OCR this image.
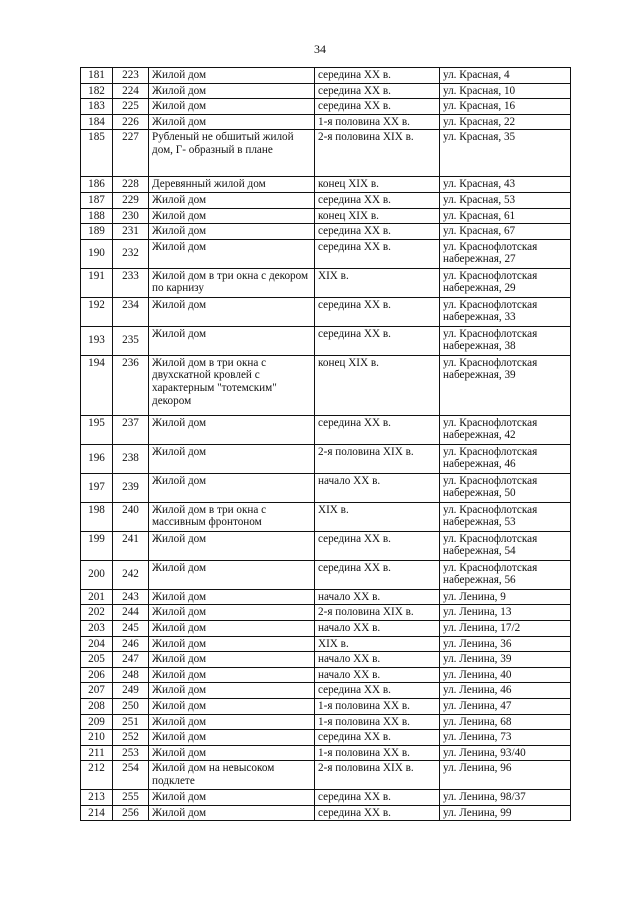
34
181	223	Жилой дом	середина XX в.	ул. Красная, 4
182	224	Жилой дом	середина XX в.	ул. Красная, 10
183	225	Жилой дом	середина XX в.	ул. Красная, 16
184	226	Жилой дом	1-я половина XX в.	ул. Красная, 22
185	227	Рубленый не обшитый жилой дом, Г- образный в плане	2-я половина XIX в.	ул. Красная, 35
186	228	Деревянный жилой дом	конец XIX в.	ул. Красная, 43
187	229	Жилой дом	середина XX в.	ул. Красная, 53
188	230	Жилой дом	конец XIX в.	ул. Красная, 61
189	231	Жилой дом	середина XX в.	ул. Красная, 67
190	232	Жилой дом	середина XX в.	ул. Краснофлотская набережная, 27
191	233	Жилой дом в три окна с декором по карнизу	XIX в.	ул. Краснофлотская набережная, 29
192	234	Жилой дом	середина XX в.	ул. Краснофлотская набережная, 33
193	235	Жилой дом	середина XX в.	ул. Краснофлотская набережная, 38
194	236	Жилой дом в три окна с двухскатной кровлей с характерным "тотемским" декором	конец XIX в.	ул. Краснофлотская набережная, 39
195	237	Жилой дом	середина XX в.	ул. Краснофлотская набережная, 42
196	238	Жилой дом	2-я половина XIX в.	ул. Краснофлотская набережная, 46
197	239	Жилой дом	начало XX в.	ул. Краснофлотская набережная, 50
198	240	Жилой дом в три окна с массивным фронтоном	XIX в.	ул. Краснофлотская набережная, 53
199	241	Жилой дом	середина XX в.	ул. Краснофлотская набережная, 54
200	242	Жилой дом	середина XX в.	ул. Краснофлотская набережная, 56
201	243	Жилой дом	начало XX в.	ул. Ленина, 9
202	244	Жилой дом	2-я половина XIX в.	ул. Ленина, 13
203	245	Жилой дом	начало XX в.	ул. Ленина, 17/2
204	246	Жилой дом	XIX в.	ул. Ленина, 36
205	247	Жилой дом	начало XX в.	ул. Ленина, 39
206	248	Жилой дом	начало XX в.	ул. Ленина, 40
207	249	Жилой дом	середина XX в.	ул. Ленина, 46
208	250	Жилой дом	1-я половина XX в.	ул. Ленина, 47
209	251	Жилой дом	1-я половина XX в.	ул. Ленина, 68
210	252	Жилой дом	середина XX в.	ул. Ленина, 73
211	253	Жилой дом	1-я половина XX в.	ул. Ленина, 93/40
212	254	Жилой дом на невысоком подклете	2-я половина XIX в.	ул. Ленина, 96
213	255	Жилой дом	середина XX в.	ул. Ленина, 98/37
214	256	Жилой дом	середина XX в.	ул. Ленина, 99
